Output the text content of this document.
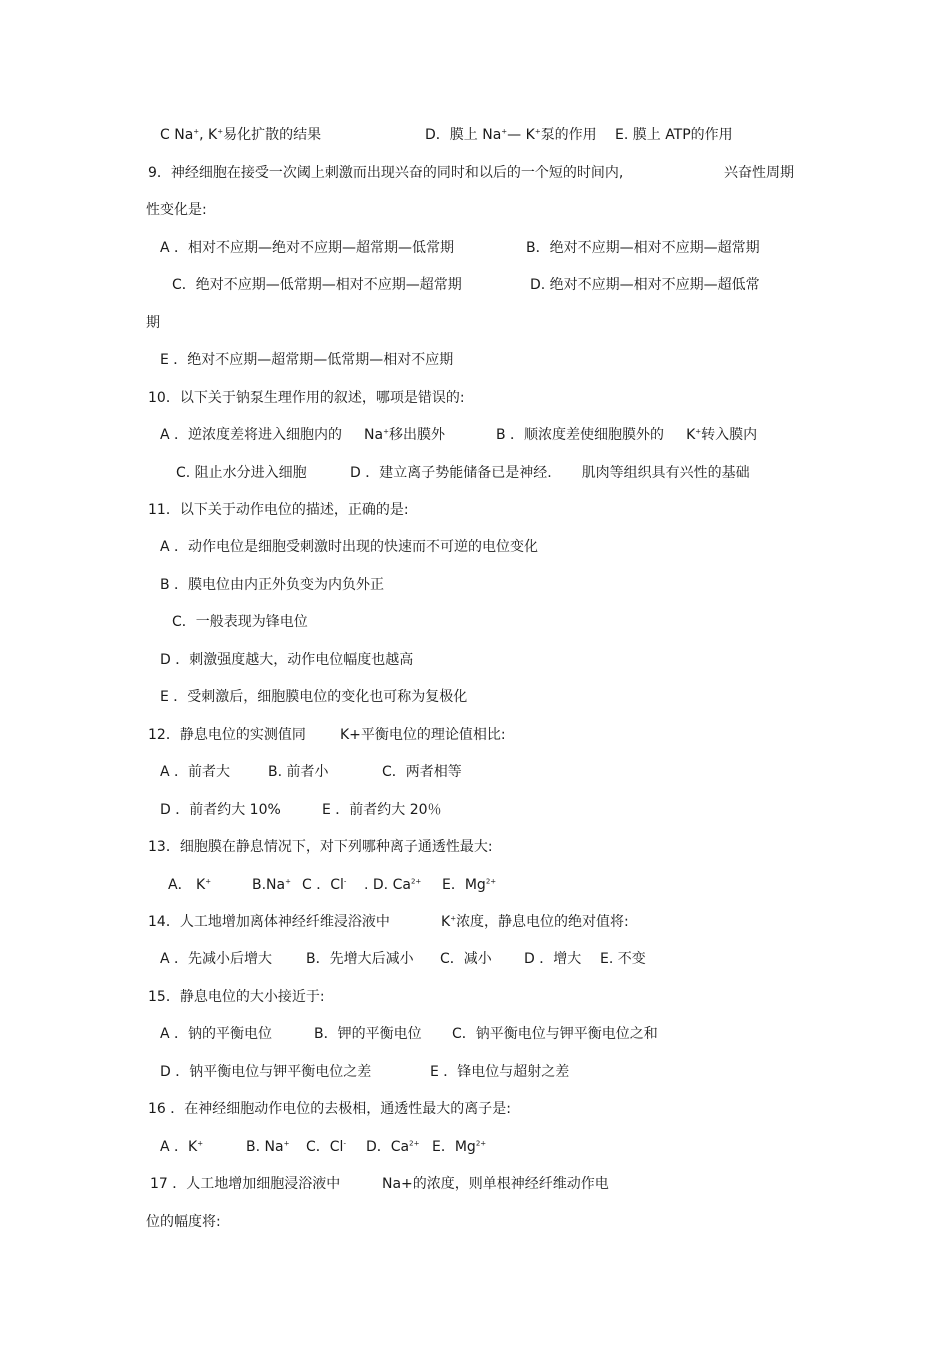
C Na+, K+易化扩散的结果	D．膜上 Na+— K+泵的作用 E. 膜上 ATP的作用
9．神经细胞在接受一次阈上刺激而出现兴奋的同时和以后的一个短的时间内,	兴奋性周期
性变化是:
A ．相对不应期—绝对不应期—超常期—低常期	B．绝对不应期—相对不应期—超常期
C．绝对不应期—低常期—相对不应期—超常期	D. 绝对不应期—相对不应期—超低常
期
E ．绝对不应期—超常期—低常期—相对不应期
10．以下关于钠泵生理作用的叙述，哪项是错误的:
A ．逆浓度差将进入细胞内的 Na+移出膜外	B ．顺浓度差使细胞膜外的 K+转入膜内
C. 阻止水分进入细胞	D ．建立离子势能储备已是神经. 肌肉等组织具有兴性的基础
11．以下关于动作电位的描述，正确的是:
A ．动作电位是细胞受刺激时出现的快速而不可逆的电位变化
B ．膜电位由内正外负变为内负外正
C．一般表现为锋电位
D ．刺激强度越大，动作电位幅度也越高
E ．受刺激后，细胞膜电位的变化也可称为复极化
12．静息电位的实测值同 K+平衡电位的理论值相比:
A ．前者大	B. 前者小	C．两者相等
D ．前者约大 10%	E ．前者约大 20％
13．细胞膜在静息情况下，对下列哪种离子通透性最大:
A． K+	B.Na+ C ．Cl- . D. $Ca^{2+}$ E．$Mg^{2+}$
14．人工地增加离体神经纤维浸浴液中	K+浓度，静息电位的绝对值将:
A ．先减小后增大 B．先增大后减小 C．减小 D ．增大 E. 不变
15．静息电位的大小接近于:
A ．钠的平衡电位	B．钾的平衡电位 C．钠平衡电位与钾平衡电位之和
D ．钠平衡电位与钾平衡电位之差	E ．锋电位与超射之差
16 ．在神经细胞动作电位的去极相，通透性最大的离子是:
A ．K+	B. Na+ C．Cl- D．$Ca^{2+}$ E．$Mg^{2+}$
17 ．人工地增加细胞浸浴液中	Na+的浓度，则单根神经纤维动作电
位的幅度将:
